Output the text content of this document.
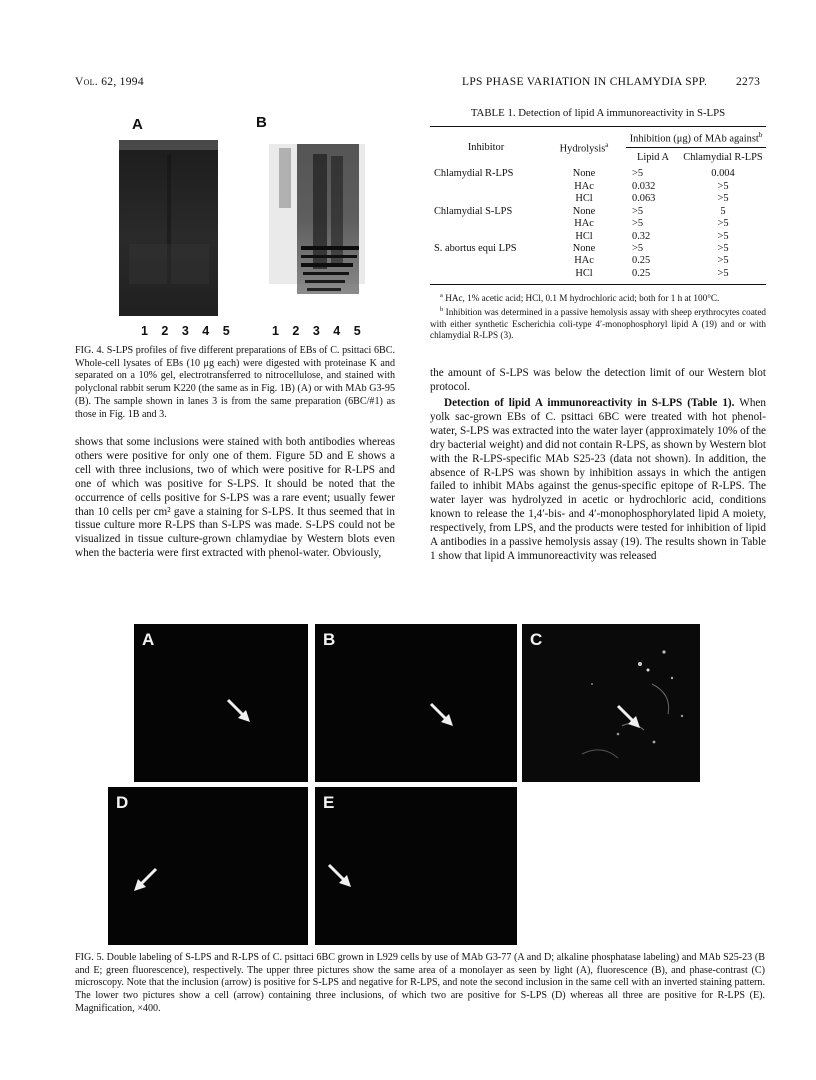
Vol. 62, 1994	LPS PHASE VARIATION IN CHLAMYDIA SPP.	2273
A	B
1 2 3 4 5	1 2 3 4 5

FIG. 4. S-LPS profiles of five different preparations of EBs of C. psittaci 6BC. Whole-cell lysates of EBs (10 μg each) were digested with proteinase K and separated on a 10% gel, electrotransferred to nitrocellulose, and stained with polyclonal rabbit serum K220 (the same as in Fig. 1B) (A) or with MAb G3-95 (B). The sample shown in lanes 3 is from the same preparation (6BC/#1) as those in Fig. 1B and 3.

shows that some inclusions were stained with both antibodies whereas others were positive for only one of them. Figure 5D and E shows a cell with three inclusions, two of which were positive for R-LPS and one of which was positive for S-LPS. It should be noted that the occurrence of cells positive for S-LPS was a rare event; usually fewer than 10 cells per cm² gave a staining for S-LPS. It thus seemed that in tissue culture more R-LPS than S-LPS was made. S-LPS could not be visualized in tissue culture-grown chlamydiae by Western blots even when the bacteria were first extracted with phenol-water. Obviously,

TABLE 1. Detection of lipid A immunoreactivity in S-LPS
Inhibitor	Hydrolysis$^a$	Inhibition (μg) of MAb against$^b$
		Lipid A	Chlamydial R-LPS
Chlamydial R-LPS	None	>5	0.004
	HAc	0.032	>5
	HCl	0.063	>5
Chlamydial S-LPS	None	>5	5
	HAc	>5	>5
	HCl	0.32	>5
S. abortus equi LPS	None	>5	>5
	HAc	0.25	>5
	HCl	0.25	>5

$^a$ HAc, 1% acetic acid; HCl, 0.1 M hydrochloric acid; both for 1 h at 100°C.

$^b$ Inhibition was determined in a passive hemolysis assay with sheep erythrocytes coated with either synthetic Escherichia coli-type 4′-monophosphoryl lipid A (19) and or with chlamydial R-LPS (3).

the amount of S-LPS was below the detection limit of our Western blot protocol.

Detection of lipid A immunoreactivity in S-LPS (Table 1). When yolk sac-grown EBs of C. psittaci 6BC were treated with hot phenol-water, S-LPS was extracted into the water layer (approximately 10% of the dry bacterial weight) and did not contain R-LPS, as shown by Western blot with the R-LPS-specific MAb S25-23 (data not shown). In addition, the absence of R-LPS was shown by inhibition assays in which the antigen failed to inhibit MAbs against the genus-specific epitope of R-LPS. The water layer was hydrolyzed in acetic or hydrochloric acid, conditions known to release the 1,4′-bis- and 4′-monophosphorylated lipid A moiety, respectively, from LPS, and the products were tested for inhibition of lipid A antibodies in a passive hemolysis assay (19). The results shown in Table 1 show that lipid A immunoreactivity was released

A	B	C
D	E

FIG. 5. Double labeling of S-LPS and R-LPS of C. psittaci 6BC grown in L929 cells by use of MAb G3-77 (A and D; alkaline phosphatase labeling) and MAb S25-23 (B and E; green fluorescence), respectively. The upper three pictures show the same area of a monolayer as seen by light (A), fluorescence (B), and phase-contrast (C) microscopy. Note that the inclusion (arrow) is positive for S-LPS and negative for R-LPS, and note the second inclusion in the same cell with an inverted staining pattern. The lower two pictures show a cell (arrow) containing three inclusions, of which two are positive for S-LPS (D) whereas all three are positive for R-LPS (E). Magnification, ×400.
